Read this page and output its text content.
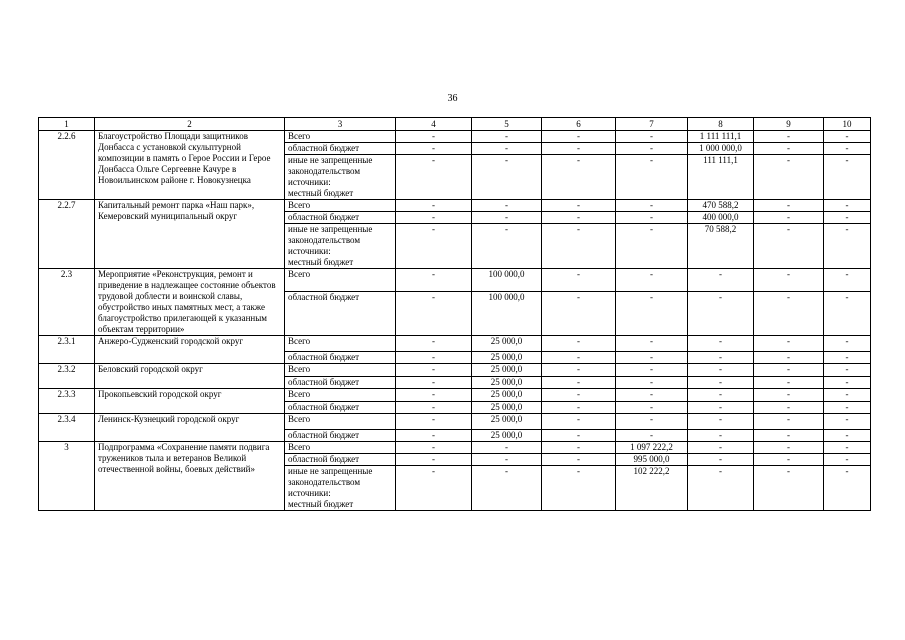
36
1	2	3	4	5	6	7	8	9	10
2.2.6	Благоустройство Площади защитников Донбасса с установкой скульптурной композиции в память о Герое России и Герое Донбасса Ольге Сергеевне Качуре в Новоильинском районе г. Новокузнецка	Всего	-	-	-	-	1 111 111,1	-	-
		областной бюджет	-	-	-	-	1 000 000,0	-	-
		иные не запрещенные законодательством источники:	-	-	-	-	111 111,1	-	-
		местный бюджет							
2.2.7	Капитальный ремонт парка «Наш парк», Кемеровский муниципальный округ	Всего	-	-	-	-	470 588,2	-	-
		областной бюджет	-	-	-	-	400 000,0	-	-
		иные не запрещенные законодательством источники:	-	-	-	-	70 588,2	-	-
		местный бюджет							
2.3	Мероприятие «Реконструкция, ремонт и приведение в надлежащее состояние объектов трудовой доблести и воинской славы, обустройство иных памятных мест, а также благоустройство прилегающей к указанным объектам территории»	Всего	-	100 000,0	-	-	-	-	-
		областной бюджет	-	100 000,0	-	-	-	-	-
2.3.1	Анжеро-Судженский городской округ	Всего	-	25 000,0	-	-	-	-	-
		областной бюджет	-	25 000,0	-	-	-	-	-
2.3.2	Беловский городской округ	Всего	-	25 000,0	-	-	-	-	-
		областной бюджет	-	25 000,0	-	-	-	-	-
2.3.3	Прокопьевский городской округ	Всего	-	25 000,0	-	-	-	-	-
		областной бюджет	-	25 000,0	-	-	-	-	-
2.3.4	Ленинск-Кузнецкий городской округ	Всего	-	25 000,0	-	-	-	-	-
		областной бюджет	-	25 000,0	-	-	-	-	-
3	Подпрограмма «Сохранение памяти подвига тружеников тыла и ветеранов Великой отечественной войны, боевых действий»	Всего	-	-	-	1 097 222,2	-	-	-
		областной бюджет	-	-	-	995 000,0	-	-	-
		иные не запрещенные законодательством источники:	-	-	-	102 222,2	-	-	-
		местный бюджет							
